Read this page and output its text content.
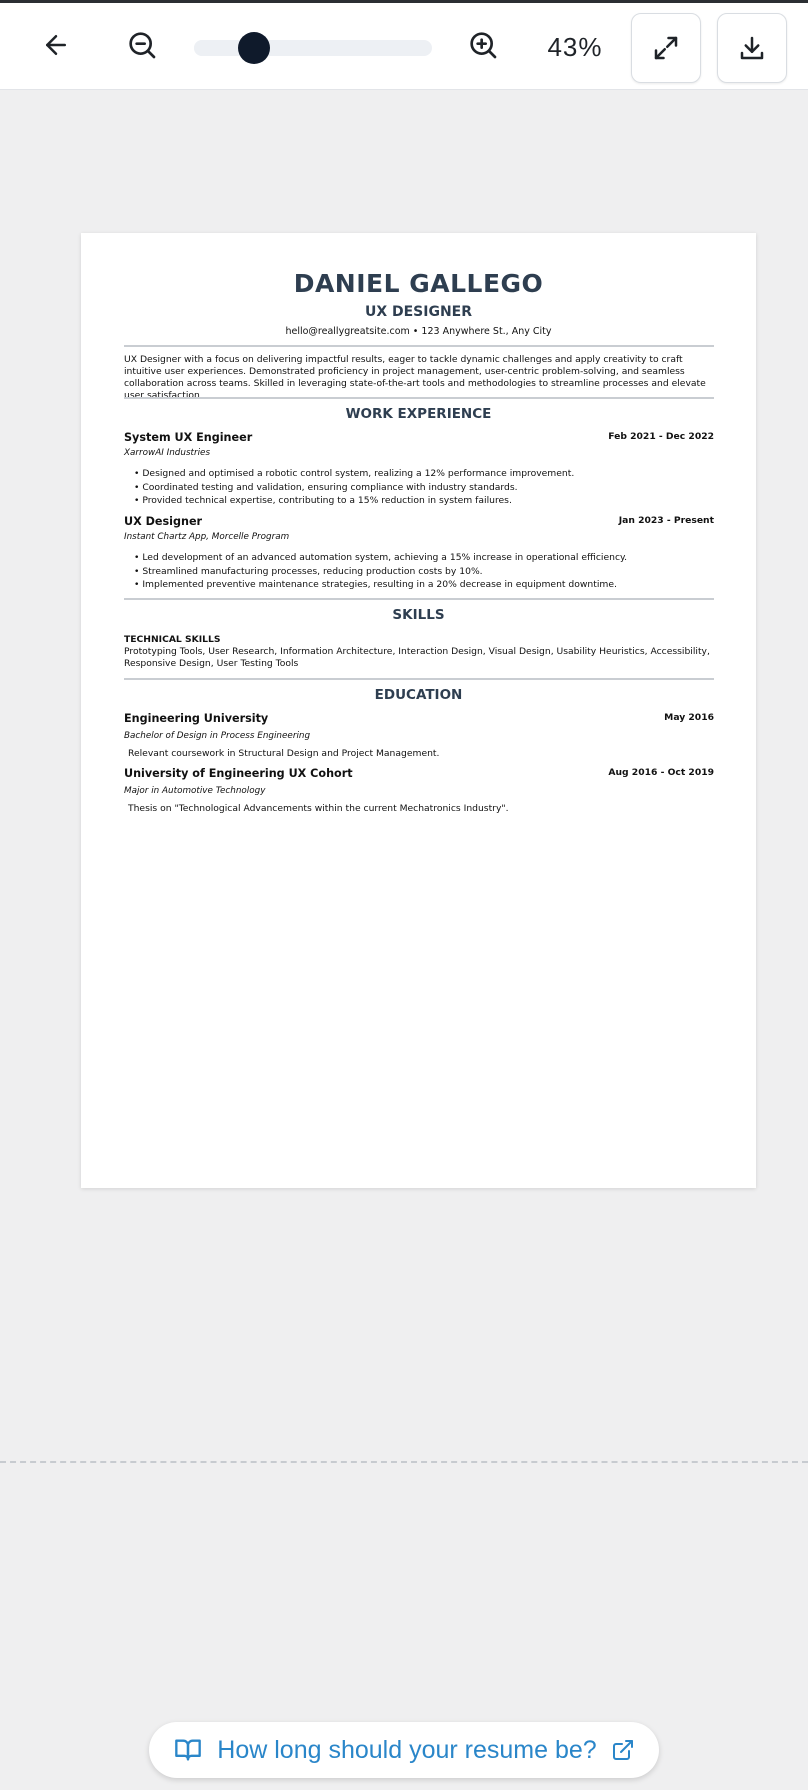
43%
DANIEL GALLEGO
UX DESIGNER
hello@reallygreatsite.com • 123 Anywhere St., Any City
UX Designer with a focus on delivering impactful results, eager to tackle dynamic challenges and apply creativity to craft intuitive user experiences. Demonstrated proficiency in project management, user-centric problem-solving, and seamless collaboration across teams. Skilled in leveraging state-of-the-art tools and methodologies to streamline processes and elevate user satisfaction
WORK EXPERIENCE
System UX Engineer	Feb 2021 - Dec 2022
XarrowAI Industries
• Designed and optimised a robotic control system, realizing a 12% performance improvement.
• Coordinated testing and validation, ensuring compliance with industry standards.
• Provided technical expertise, contributing to a 15% reduction in system failures.
UX Designer	Jan 2023 - Present
Instant Chartz App, Morcelle Program
• Led development of an advanced automation system, achieving a 15% increase in operational efficiency.
• Streamlined manufacturing processes, reducing production costs by 10%.
• Implemented preventive maintenance strategies, resulting in a 20% decrease in equipment downtime.
SKILLS
TECHNICAL SKILLS
Prototyping Tools, User Research, Information Architecture, Interaction Design, Visual Design, Usability Heuristics, Accessibility, Responsive Design, User Testing Tools
EDUCATION
Engineering University	May 2016
Bachelor of Design in Process Engineering
Relevant coursework in Structural Design and Project Management.
University of Engineering UX Cohort	Aug 2016 - Oct 2019
Major in Automotive Technology
Thesis on "Technological Advancements within the current Mechatronics Industry".
How long should your resume be?
